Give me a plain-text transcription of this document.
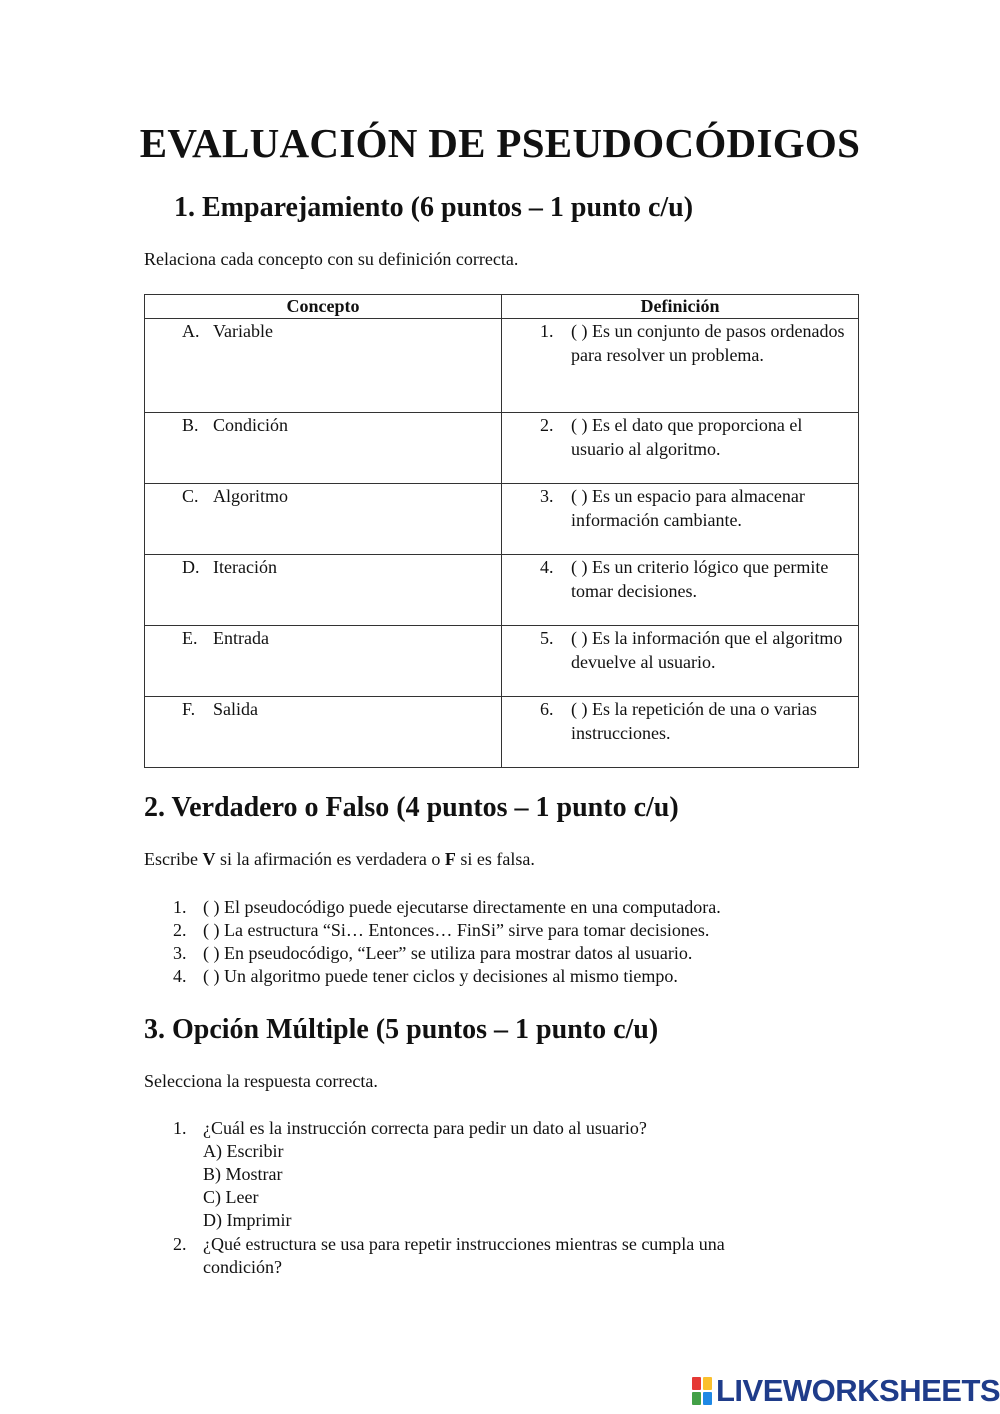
EVALUACIÓN DE PSEUDOCÓDIGOS
1. Emparejamiento (6 puntos – 1 punto c/u)
Relaciona cada concepto con su definición correcta.
Concepto	Definición

A. Variable	1. ( ) Es un conjunto de pasos ordenados para resolver un problema.

B. Condición	2. ( ) Es el dato que proporciona el usuario al algoritmo.

C. Algoritmo	3. ( ) Es un espacio para almacenar información cambiante.

D. Iteración	4. ( ) Es un criterio lógico que permite tomar decisiones.

E. Entrada	5. ( ) Es la información que el algoritmo devuelve al usuario.

F. Salida	6. ( ) Es la repetición de una o varias instrucciones.
2. Verdadero o Falso (4 puntos – 1 punto c/u)
Escribe V si la afirmación es verdadera o F si es falsa.
1. ( ) El pseudocódigo puede ejecutarse directamente en una computadora.
2. ( ) La estructura “Si… Entonces… FinSi” sirve para tomar decisiones.
3. ( ) En pseudocódigo, “Leer” se utiliza para mostrar datos al usuario.
4. ( ) Un algoritmo puede tener ciclos y decisiones al mismo tiempo.
3. Opción Múltiple (5 puntos – 1 punto c/u)
Selecciona la respuesta correcta.
1. ¿Cuál es la instrucción correcta para pedir un dato al usuario?
A) Escribir
B) Mostrar
C) Leer
D) Imprimir
2. ¿Qué estructura se usa para repetir instrucciones mientras se cumpla una
condición?
LIVEWORKSHEETS
